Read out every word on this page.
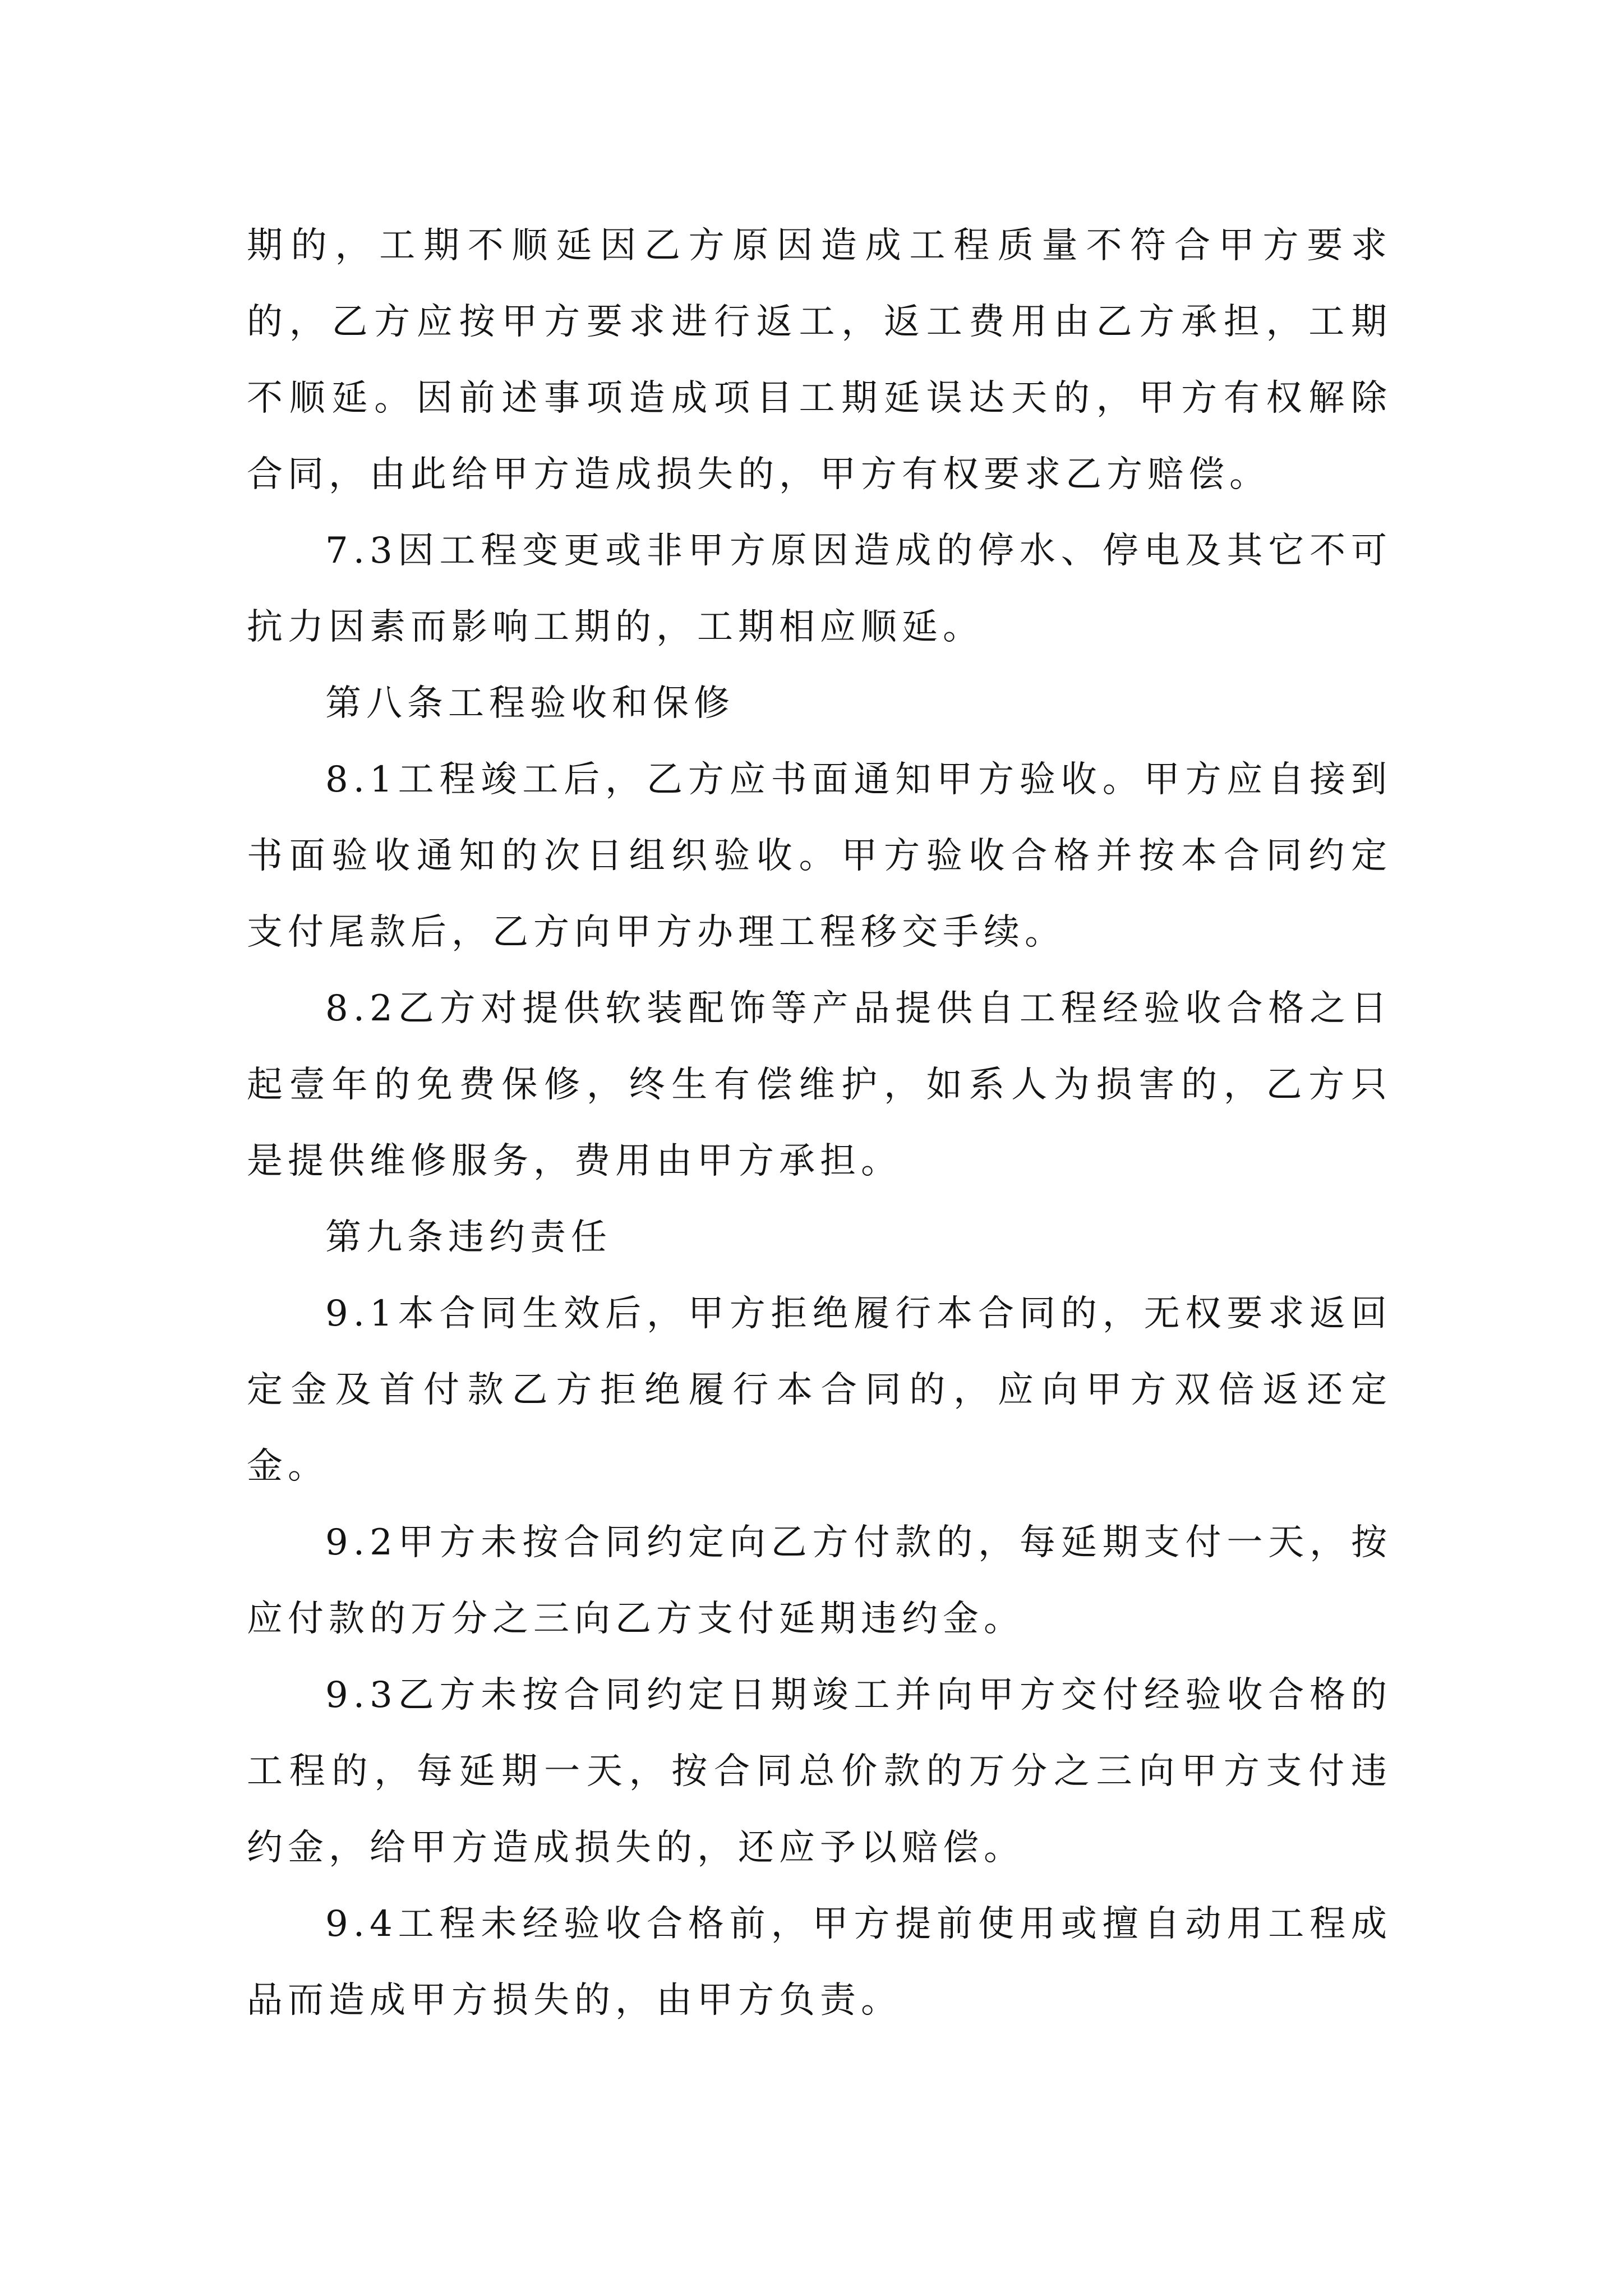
期的，工期不顺延因乙方原因造成工程质量不符合甲方要求的，乙方应按甲方要求进行返工，返工费用由乙方承担，工期不顺延。因前述事项造成项目工期延误达天的，甲方有权解除合同，由此给甲方造成损失的，甲方有权要求乙方赔偿。

7.3因工程变更或非甲方原因造成的停水、停电及其它不可抗力因素而影响工期的，工期相应顺延。

第八条工程验收和保修

8.1工程竣工后，乙方应书面通知甲方验收。甲方应自接到书面验收通知的次日组织验收。甲方验收合格并按本合同约定支付尾款后，乙方向甲方办理工程移交手续。

8.2乙方对提供软装配饰等产品提供自工程经验收合格之日起壹年的免费保修，终生有偿维护，如系人为损害的，乙方只是提供维修服务，费用由甲方承担。

第九条违约责任

9.1本合同生效后，甲方拒绝履行本合同的，无权要求返回定金及首付款乙方拒绝履行本合同的，应向甲方双倍返还定金。

9.2甲方未按合同约定向乙方付款的，每延期支付一天，按应付款的万分之三向乙方支付延期违约金。

9.3乙方未按合同约定日期竣工并向甲方交付经验收合格的工程的，每延期一天，按合同总价款的万分之三向甲方支付违约金，给甲方造成损失的，还应予以赔偿。

9.4工程未经验收合格前，甲方提前使用或擅自动用工程成品而造成甲方损失的，由甲方负责。
